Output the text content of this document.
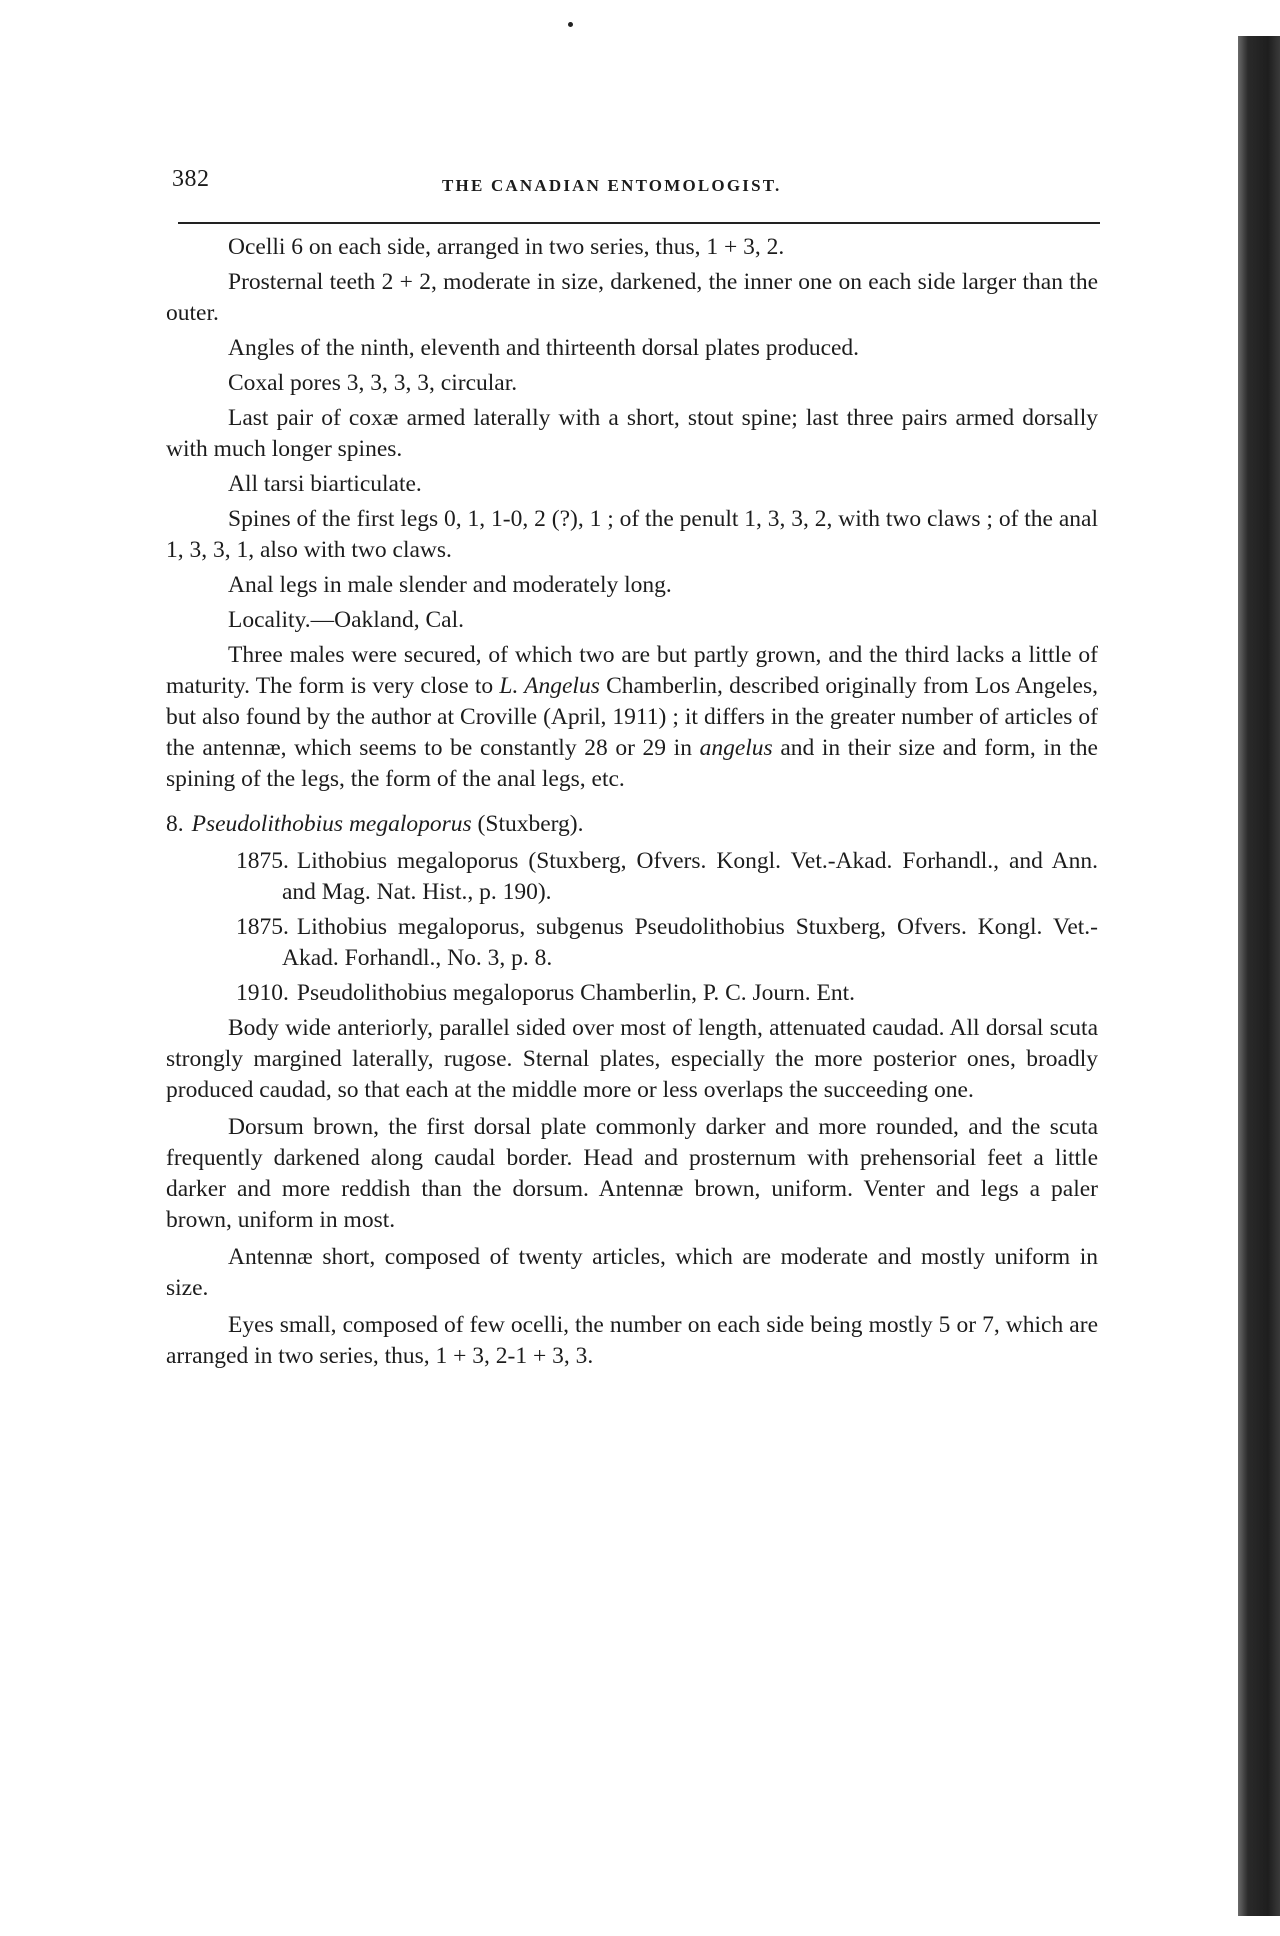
382	THE CANADIAN ENTOMOLOGIST.

Ocelli 6 on each side, arranged in two series, thus, 1 + 3, 2.

Prosternal teeth 2 + 2, moderate in size, darkened, the inner one on each side larger than the outer.

Angles of the ninth, eleventh and thirteenth dorsal plates produced.

Coxal pores 3, 3, 3, 3, circular.

Last pair of coxæ armed laterally with a short, stout spine; last three pairs armed dorsally with much longer spines.

All tarsi biarticulate.

Spines of the first legs 0, 1, 1-0, 2 (?), 1 ; of the penult 1, 3, 3, 2, with two claws ; of the anal 1, 3, 3, 1, also with two claws.

Anal legs in male slender and moderately long.

Locality.—Oakland, Cal.

Three males were secured, of which two are but partly grown, and the third lacks a little of maturity. The form is very close to L. Angelus Chamberlin, described originally from Los Angeles, but also found by the author at Croville (April, 1911) ; it differs in the greater number of articles of the antennæ, which seems to be constantly 28 or 29 in angelus and in their size and form, in the spining of the legs, the form of the anal legs, etc.

8. Pseudolithobius megaloporus (Stuxberg).

1875. Lithobius megaloporus (Stuxberg, Ofvers. Kongl. Vet.-Akad. Forhandl., and Ann. and Mag. Nat. Hist., p. 190).

1875. Lithobius megaloporus, subgenus Pseudolithobius Stuxberg, Ofvers. Kongl. Vet.-Akad. Forhandl., No. 3, p. 8.

1910. Pseudolithobius megaloporus Chamberlin, P. C. Journ. Ent.

Body wide anteriorly, parallel sided over most of length, attenuated caudad. All dorsal scuta strongly margined laterally, rugose. Sternal plates, especially the more posterior ones, broadly produced caudad, so that each at the middle more or less overlaps the succeeding one.

Dorsum brown, the first dorsal plate commonly darker and more rounded, and the scuta frequently darkened along caudal border. Head and prosternum with prehensorial feet a little darker and more reddish than the dorsum. Antennæ brown, uniform. Venter and legs a paler brown, uniform in most.

Antennæ short, composed of twenty articles, which are moderate and mostly uniform in size.

Eyes small, composed of few ocelli, the number on each side being mostly 5 or 7, which are arranged in two series, thus, 1 + 3, 2-1 + 3, 3.
